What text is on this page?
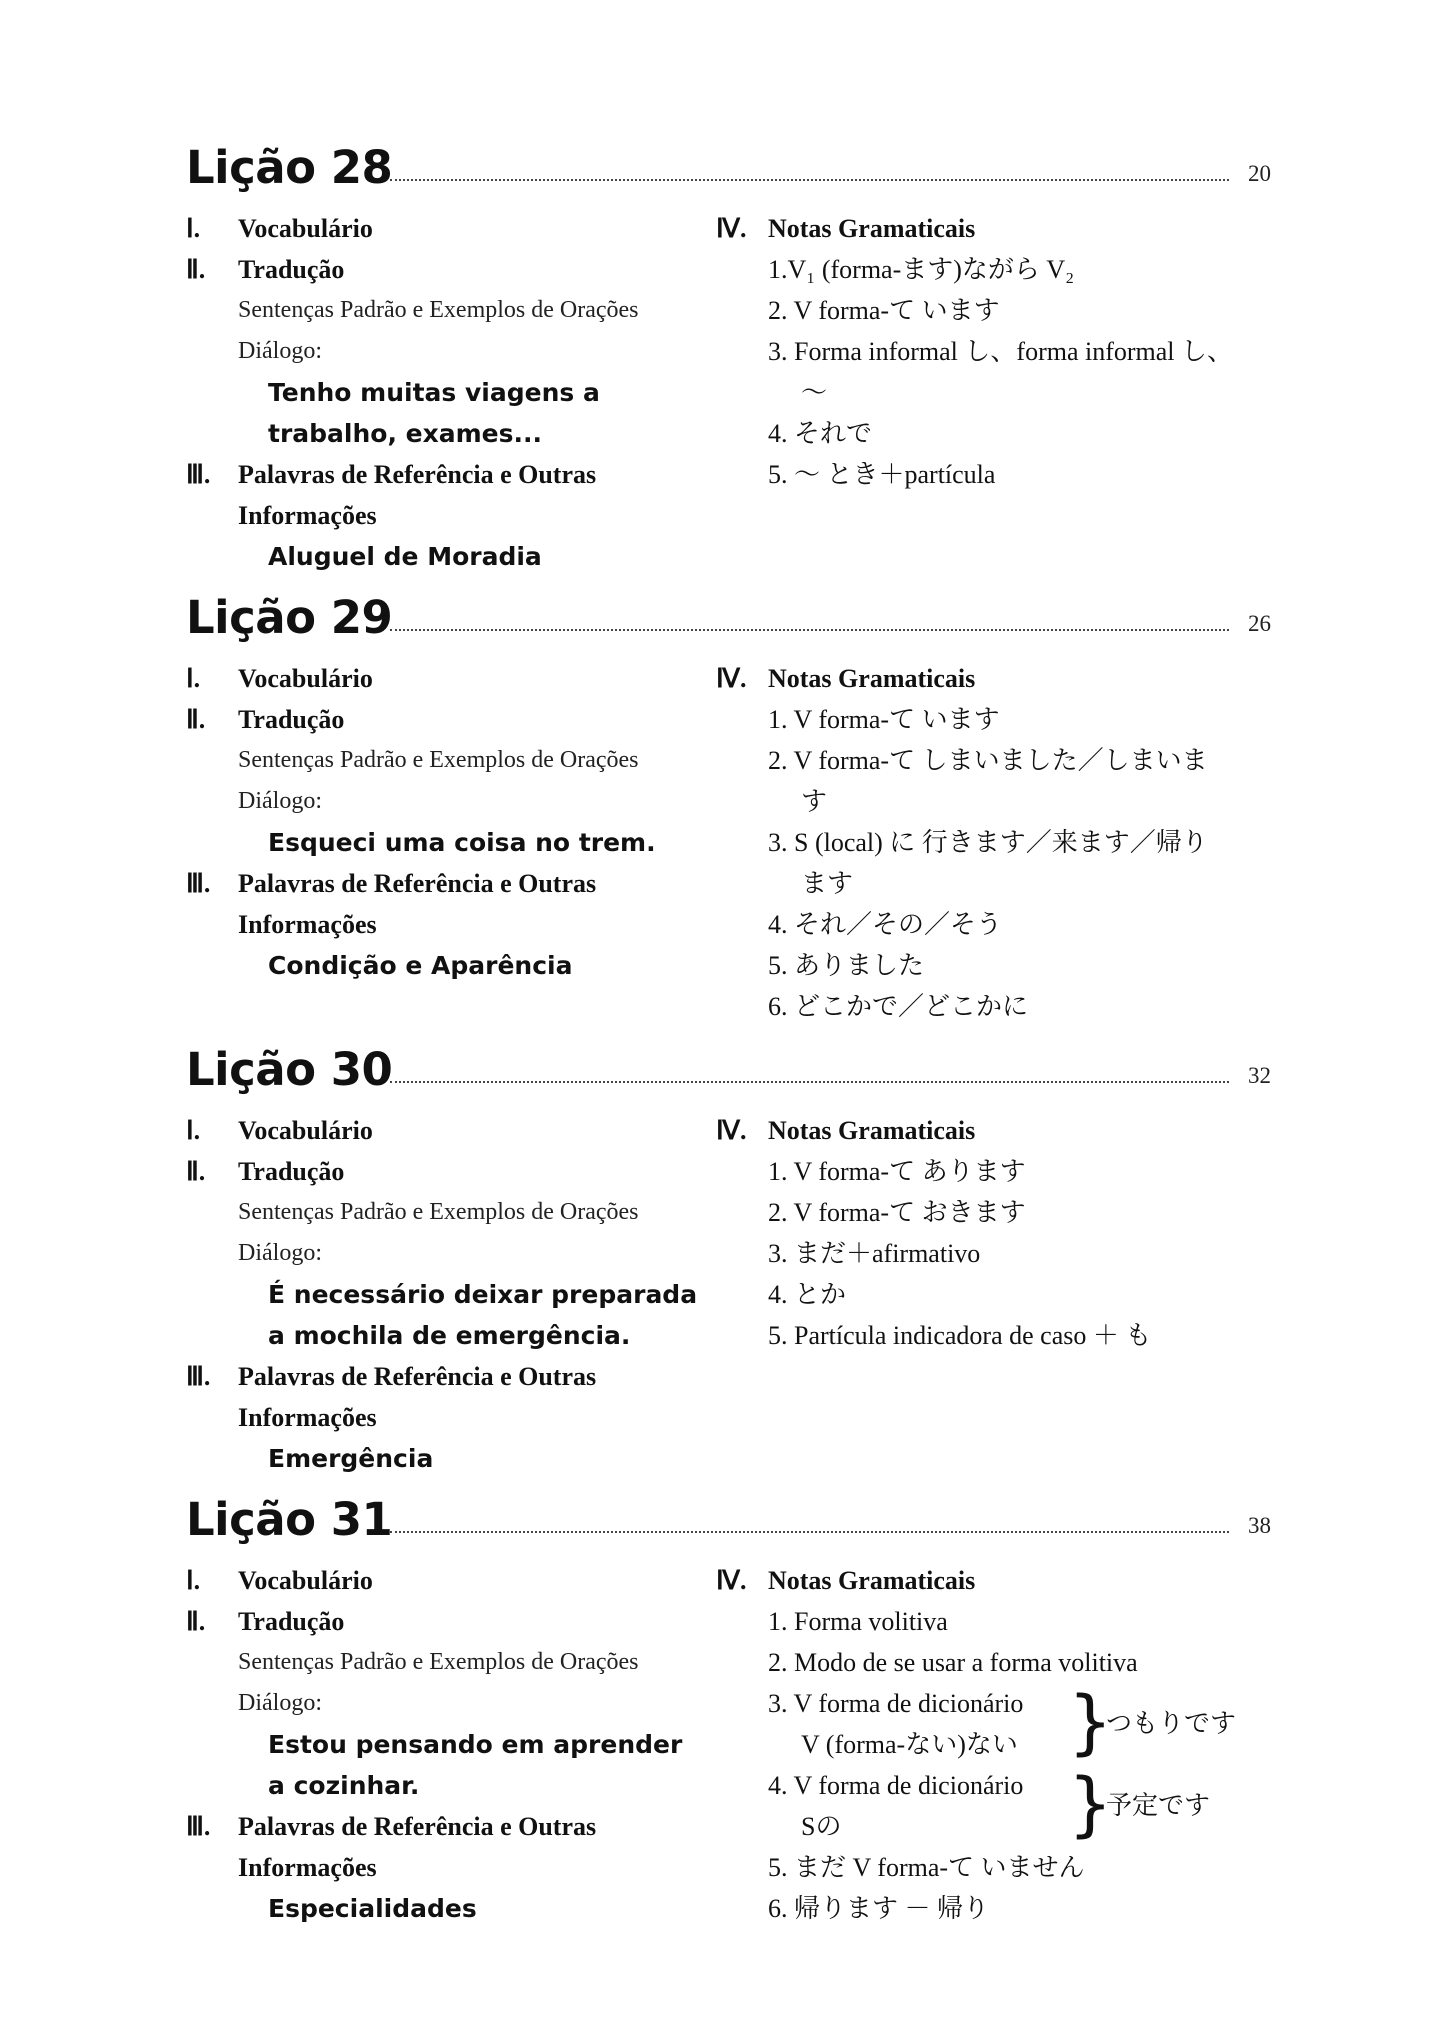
Lição 28	20
Ⅰ. Vocabulário
Ⅱ. Tradução
Sentenças Padrão e Exemplos de Orações
Diálogo:
Tenho muitas viagens a
trabalho, exames...
Ⅲ. Palavras de Referência e Outras
Informações
Aluguel de Moradia
Ⅳ. Notas Gramaticais
1.V₁ (forma-ます)ながら V₂
2. V forma-て います
3. Forma informal し、forma informal し、
～
4. それで
5. ～ とき＋partícula
Lição 29	26
Ⅰ. Vocabulário
Ⅱ. Tradução
Sentenças Padrão e Exemplos de Orações
Diálogo:
Esqueci uma coisa no trem.
Ⅲ. Palavras de Referência e Outras
Informações
Condição e Aparência
Ⅳ. Notas Gramaticais
1. V forma-て います
2. V forma-て しまいました／しまいま
す
3. S (local) に 行きます／来ます／帰り
ます
4. それ／その／そう
5. ありました
6. どこかで／どこかに
Lição 30	32
Ⅰ. Vocabulário
Ⅱ. Tradução
Sentenças Padrão e Exemplos de Orações
Diálogo:
É necessário deixar preparada
a mochila de emergência.
Ⅲ. Palavras de Referência e Outras
Informações
Emergência
Ⅳ. Notas Gramaticais
1. V forma-て あります
2. V forma-て おきます
3. まだ＋afirmativo
4. とか
5. Partícula indicadora de caso ＋ も
Lição 31	38
Ⅰ. Vocabulário
Ⅱ. Tradução
Sentenças Padrão e Exemplos de Orações
Diálogo:
Estou pensando em aprender
a cozinhar.
Ⅲ. Palavras de Referência e Outras
Informações
Especialidades
Ⅳ. Notas Gramaticais
1. Forma volitiva
2. Modo de se usar a forma volitiva
3. V forma de dicionário }
つもりです
V (forma-ない)ない
4. V forma de dicionário }
予定です
Sの
5. まだ V forma-て いません
6. 帰ります － 帰り
